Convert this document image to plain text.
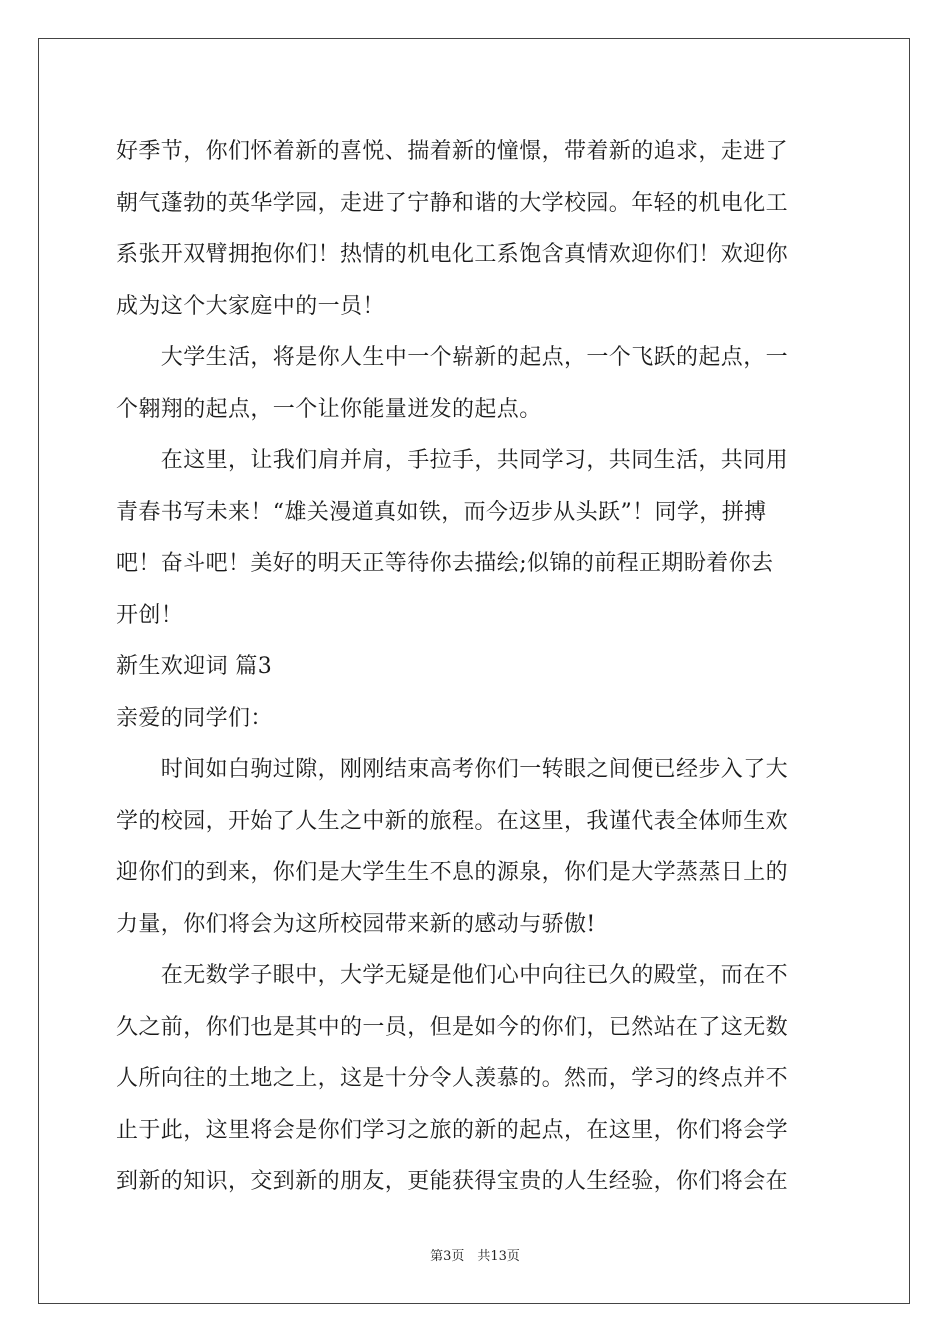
好季节，你们怀着新的喜悦、揣着新的憧憬，带着新的追求，走进了
朝气蓬勃的英华学园，走进了宁静和谐的大学校园。年轻的机电化工
系张开双臂拥抱你们！热情的机电化工系饱含真情欢迎你们！欢迎你
成为这个大家庭中的一员！
　　大学生活，将是你人生中一个崭新的起点，一个飞跃的起点，一
个翱翔的起点，一个让你能量迸发的起点。
　　在这里，让我们肩并肩，手拉手，共同学习，共同生活，共同用
青春书写未来！“雄关漫道真如铁，而今迈步从头跃”！同学，拼搏
吧！奋斗吧！美好的明天正等待你去描绘;似锦的前程正期盼着你去
开创！
新生欢迎词 篇3
亲爱的同学们：
　　时间如白驹过隙，刚刚结束高考你们一转眼之间便已经步入了大
学的校园，开始了人生之中新的旅程。在这里，我谨代表全体师生欢
迎你们的到来，你们是大学生生不息的源泉，你们是大学蒸蒸日上的
力量，你们将会为这所校园带来新的感动与骄傲!
　　在无数学子眼中，大学无疑是他们心中向往已久的殿堂，而在不
久之前，你们也是其中的一员，但是如今的你们，已然站在了这无数
人所向往的土地之上，这是十分令人羡慕的。然而，学习的终点并不
止于此，这里将会是你们学习之旅的新的起点，在这里，你们将会学
到新的知识，交到新的朋友，更能获得宝贵的人生经验，你们将会在
第3页　共13页
